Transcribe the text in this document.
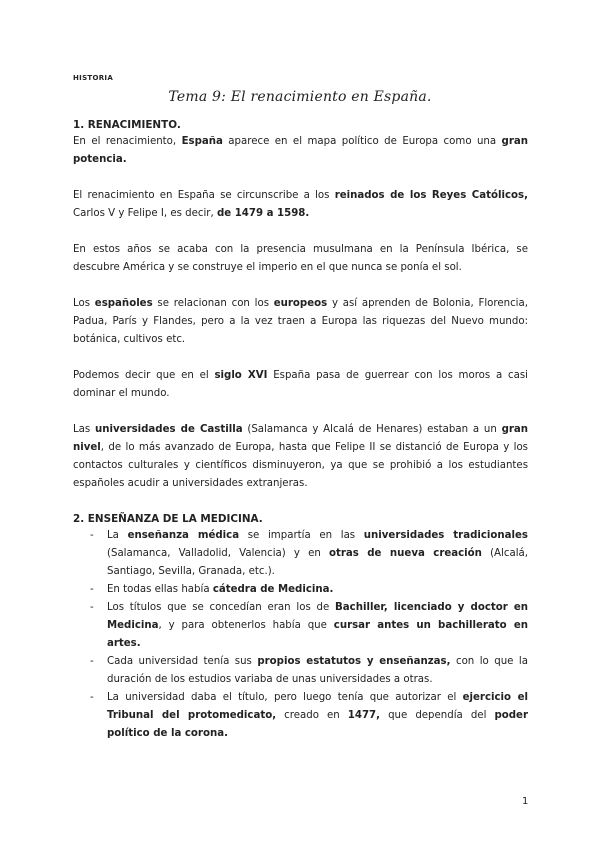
HISTORIA
Tema 9: El renacimiento en España.
1. RENACIMIENTO.

En el renacimiento, España aparece en el mapa político de Europa como una gran potencia.

El renacimiento en España se circunscribe a los reinados de los Reyes Católicos, Carlos V y Felipe I, es decir, de 1479 a 1598.

En estos años se acaba con la presencia musulmana en la Península Ibérica, se descubre América y se construye el imperio en el que nunca se ponía el sol.

Los españoles se relacionan con los europeos y así aprenden de Bolonia, Florencia, Padua, París y Flandes, pero a la vez traen a Europa las riquezas del Nuevo mundo: botánica, cultivos etc.

Podemos decir que en el siglo XVI España pasa de guerrear con los moros a casi dominar el mundo.

Las universidades de Castilla (Salamanca y Alcalá de Henares) estaban a un gran nivel, de lo más avanzado de Europa, hasta que Felipe II se distanció de Europa y los contactos culturales y científicos disminuyeron, ya que se prohibió a los estudiantes españoles acudir a universidades extranjeras.

2. ENSEÑANZA DE LA MEDICINA.
- La enseñanza médica se impartía en las universidades tradicionales (Salamanca, Valladolid, Valencia) y en otras de nueva creación (Alcalá, Santiago, Sevilla, Granada, etc.).
- En todas ellas había cátedra de Medicina.
- Los títulos que se concedían eran los de Bachiller, licenciado y doctor en Medicina, y para obtenerlos había que cursar antes un bachillerato en artes.
- Cada universidad tenía sus propios estatutos y enseñanzas, con lo que la duración de los estudios variaba de unas universidades a otras.
- La universidad daba el título, pero luego tenía que autorizar el ejercicio el Tribunal del protomedicato, creado en 1477, que dependía del poder político de la corona.
1
